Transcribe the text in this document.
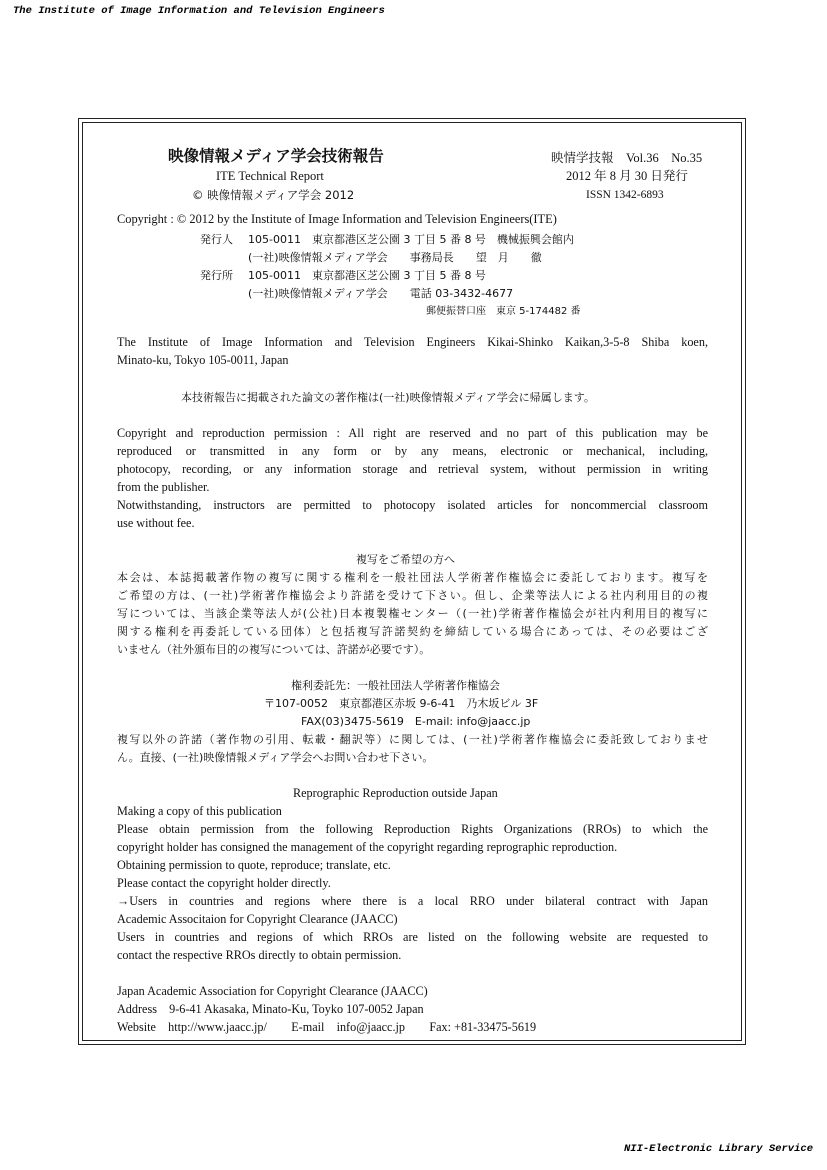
The Institute of Image Information and Television Engineers
映像情報メディア学会技術報告
ITE Technical Report
© 映像情報メディア学会 2012
映情学技報　Vol.36　No.35
2012 年 8 月 30 日発行
ISSN 1342-6893
Copyright : © 2012 by the Institute of Image Information and Television Engineers(ITE)
発行人 105-0011　東京都港区芝公園 3 丁目 5 番 8 号　機械振興会館内
(一社)映像情報メディア学会　　事務局長　　望　月　　徹
発行所 105-0011　東京都港区芝公園 3 丁目 5 番 8 号
(一社)映像情報メディア学会　　電話 03-3432-4677
郵便振替口座　東京 5-174482 番
The Institute of Image Information and Television Engineers Kikai-Shinko Kaikan,3-5-8 Shiba koen,
Minato-ku, Tokyo 105-0011, Japan
本技術報告に掲載された論文の著作権は(一社)映像情報メディア学会に帰属します。
Copyright and reproduction permission : All right are reserved and no part of this publication may be
reproduced or transmitted in any form or by any means, electronic or mechanical, including,
photocopy, recording, or any information storage and retrieval system, without permission in writing
from the publisher.
Notwithstanding, instructors are permitted to photocopy isolated articles for noncommercial classroom
use without fee.
複写をご希望の方へ
本会は、本誌掲載著作物の複写に関する権利を一般社団法人学術著作権協会に委託しております。複写を
ご希望の方は、(一社)学術著作権協会より許諾を受けて下さい。但し、企業等法人による社内利用目的の複
写については、当該企業等法人が(公社)日本複製権センター（(一社)学術著作権協会が社内利用目的複写に
関する権利を再委託している団体）と包括複写許諾契約を締結している場合にあっては、その必要はござ
いません（社外頒布目的の複写については、許諾が必要です）。
権利委託先：一般社団法人学術著作権協会
〒107-0052　東京都港区赤坂 9-6-41　乃木坂ビル 3F
FAX(03)3475-5619　E-mail: info@jaacc.jp
複写以外の許諾（著作物の引用、転載・翻訳等）に関しては、(一社)学術著作権協会に委託致しておりませ
ん。直接、(一社)映像情報メディア学会へお問い合わせ下さい。
Reprographic Reproduction outside Japan
Making a copy of this publication
Please obtain permission from the following Reproduction Rights Organizations (RROs) to which the
copyright holder has consigned the management of the copyright regarding reprographic reproduction.
Obtaining permission to quote, reproduce; translate, etc.
Please contact the copyright holder directly.
→Users in countries and regions where there is a local RRO under bilateral contract with Japan
Academic Associtaion for Copyright Clearance (JAACC)
Users in countries and regions of which RROs are listed on the following website are requested to
contact the respective RROs directly to obtain permission.
Japan Academic Association for Copyright Clearance (JAACC)
Address　9-6-41 Akasaka, Minato-Ku, Toyko 107-0052 Japan
Website　http://www.jaacc.jp/　　E-mail　info@jaacc.jp　　Fax: +81-33475-5619
NII-Electronic Library Service
